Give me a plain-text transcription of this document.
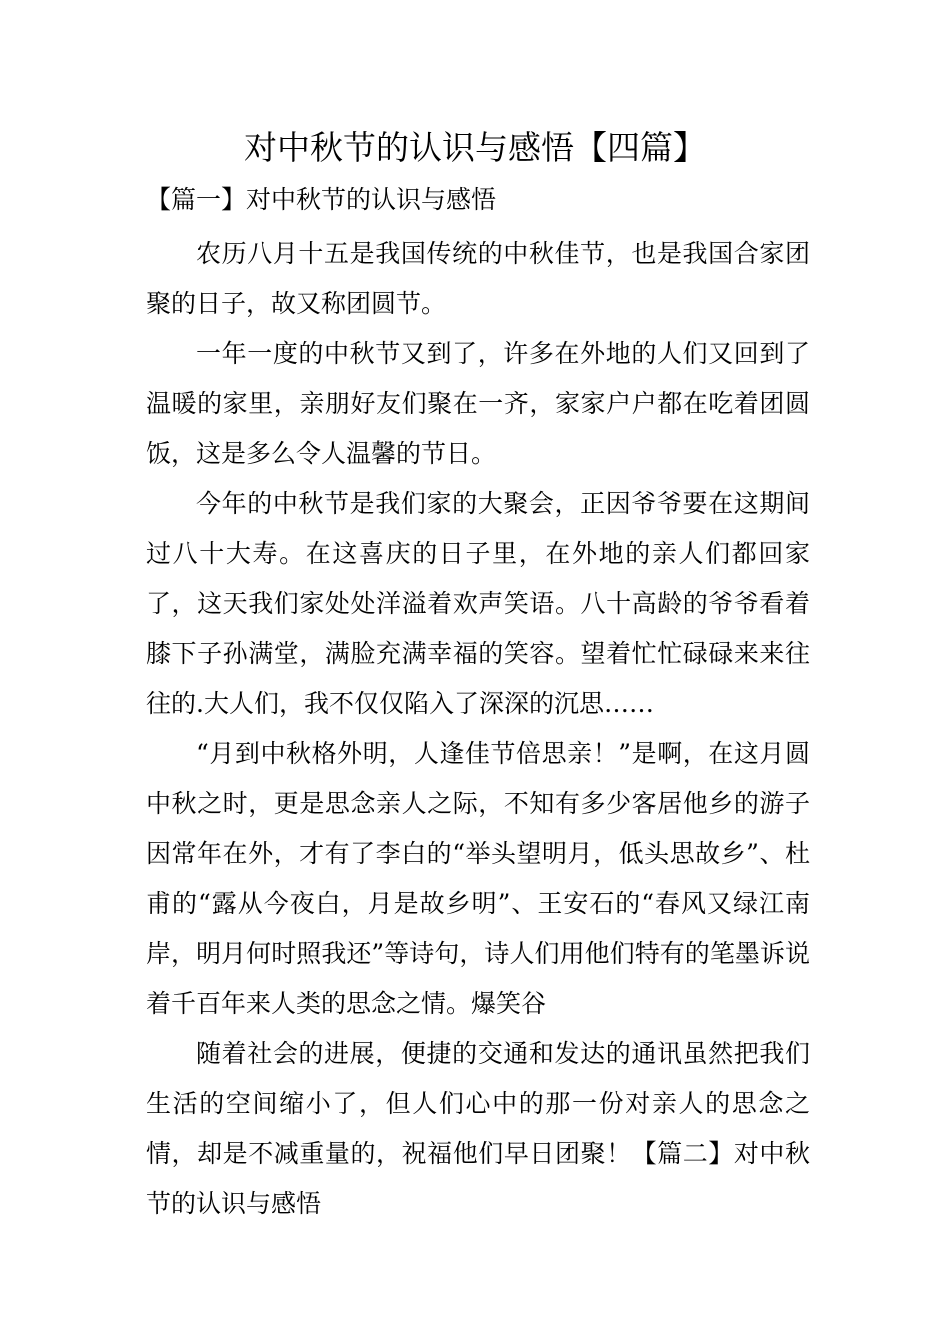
对中秋节的认识与感悟【四篇】

【篇一】对中秋节的认识与感悟

农历八月十五是我国传统的中秋佳节，也是我国合家团聚的日子，故又称团圆节。

一年一度的中秋节又到了，许多在外地的人们又回到了温暖的家里，亲朋好友们聚在一齐，家家户户都在吃着团圆饭，这是多么令人温馨的节日。

今年的中秋节是我们家的大聚会，正因爷爷要在这期间过八十大寿。在这喜庆的日子里，在外地的亲人们都回家了，这天我们家处处洋溢着欢声笑语。八十高龄的爷爷看着膝下子孙满堂，满脸充满幸福的笑容。望着忙忙碌碌来来往往的.大人们，我不仅仅陷入了深深的沉思……

“月到中秋格外明，人逢佳节倍思亲！”是啊，在这月圆中秋之时，更是思念亲人之际，不知有多少客居他乡的游子因常年在外，才有了李白的“举头望明月，低头思故乡”、杜甫的“露从今夜白，月是故乡明”、王安石的“春风又绿江南岸，明月何时照我还”等诗句，诗人们用他们特有的笔墨诉说着千百年来人类的思念之情。爆笑谷

随着社会的进展，便捷的交通和发达的通讯虽然把我们生活的空间缩小了，但人们心中的那一份对亲人的思念之情，却是不减重量的，祝福他们早日团聚！【篇二】对中秋节的认识与感悟
